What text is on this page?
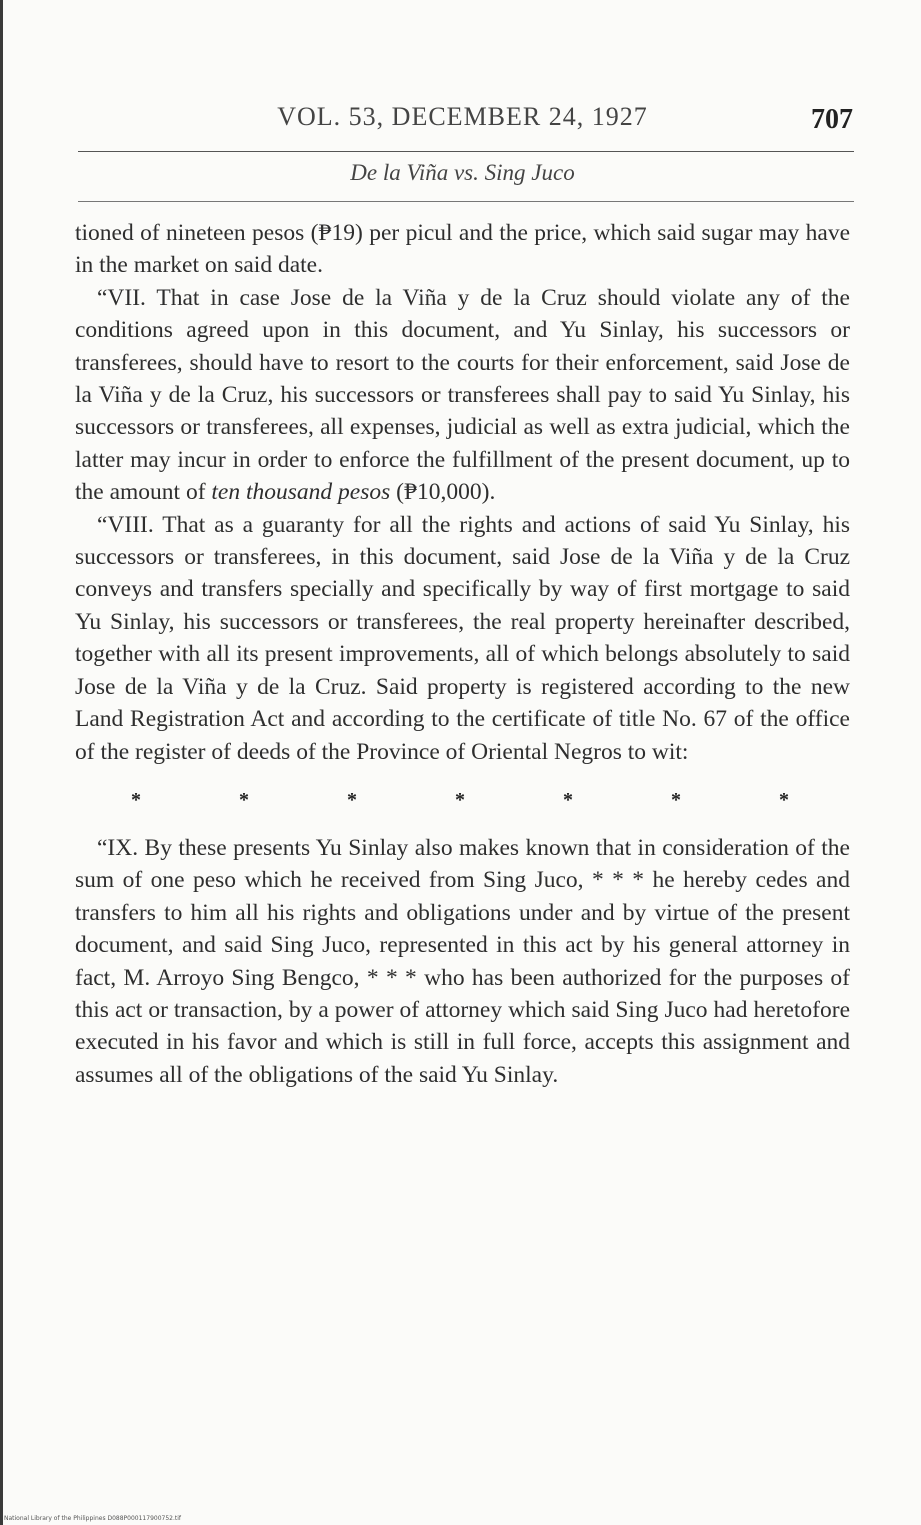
VOL. 53, DECEMBER 24, 1927	707
De la Viña vs. Sing Juco

tioned of nineteen pesos (₱19) per picul and the price, which said sugar may have in the market on said date.

“VII. That in case Jose de la Viña y de la Cruz should violate any of the conditions agreed upon in this document, and Yu Sinlay, his successors or transferees, should have to resort to the courts for their enforcement, said Jose de la Viña y de la Cruz, his successors or transferees shall pay to said Yu Sinlay, his successors or transferees, all expenses, judicial as well as extra judicial, which the latter may incur in order to enforce the fulfillment of the present document, up to the amount of ten thousand pesos (₱10,000).

“VIII. That as a guaranty for all the rights and actions of said Yu Sinlay, his successors or transferees, in this document, said Jose de la Viña y de la Cruz conveys and transfers specially and specifically by way of first mortgage to said Yu Sinlay, his successors or transferees, the real property hereinafter described, together with all its present improvements, all of which belongs absolutely to said Jose de la Viña y de la Cruz. Said property is registered according to the new Land Registration Act and according to the certificate of title No. 67 of the office of the register of deeds of the Province of Oriental Negros to wit:

*	*	*	*	*	*	*

“IX. By these presents Yu Sinlay also makes known that in consideration of the sum of one peso which he received from Sing Juco, * * * he hereby cedes and transfers to him all his rights and obligations under and by virtue of the present document, and said Sing Juco, represented in this act by his general attorney in fact, M. Arroyo Sing Bengco, * * * who has been authorized for the purposes of this act or transaction, by a power of attorney which said Sing Juco had heretofore executed in his favor and which is still in full force, accepts this assignment and assumes all of the obligations of the said Yu Sinlay.

National Library of the Philippines D088P000117900752.tif
